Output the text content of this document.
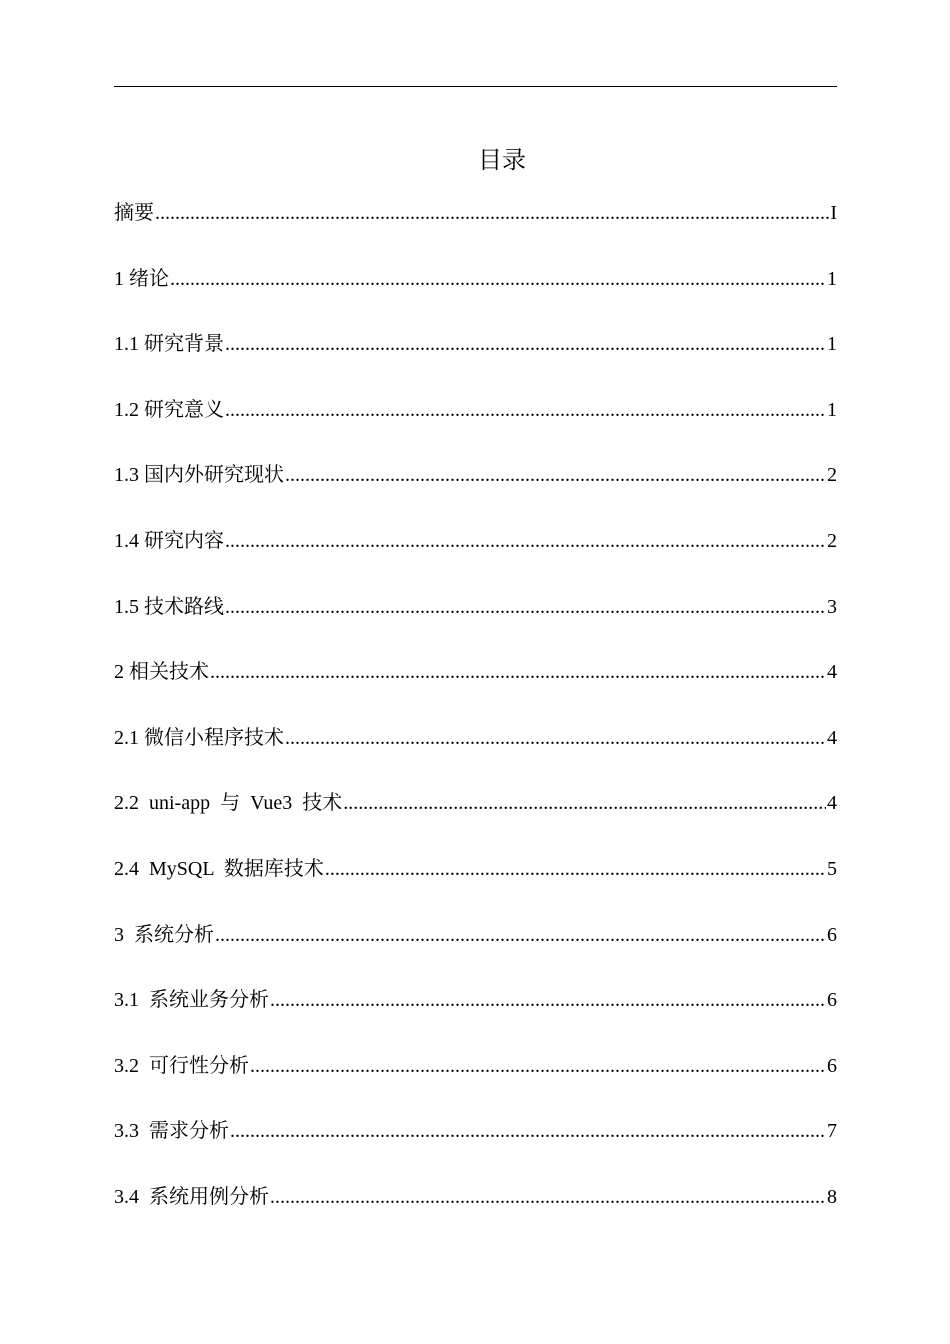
目录
摘要 .....	I
1 绪论 .....	1
1.1 研究背景 .....	1
1.2 研究意义 .....	1
1.3 国内外研究现状 .....	2
1.4 研究内容 .....	2
1.5 技术路线 .....	3
2 相关技术 .....	4
2.1 微信小程序技术 .....	4
2.2  uni-app  与  Vue3  技术 .....	4
2.4  MySQL  数据库技术 .....	5
3  系统分析 .....	6
3.1  系统业务分析 .....	6
3.2  可行性分析 .....	6
3.3  需求分析 .....	7
3.4  系统用例分析 .....	8
